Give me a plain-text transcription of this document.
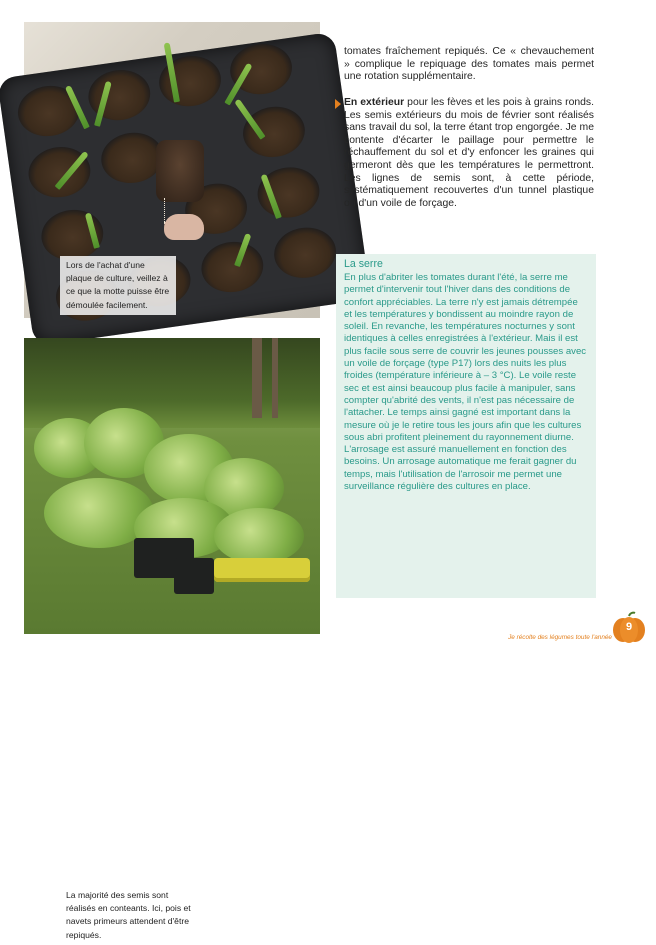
Lors de l'achat d'une plaque de culture, veillez à ce que la motte puisse être démoulée facilement.
La majorité des semis sont réalisés en conteants. Ici, pois et navets primeurs attendent d'être repiqués.
tomates fraîchement repiqués. Ce « chevauchement » complique le repiquage des tomates mais permet une rotation supplémentaire.
En extérieur pour les fèves et les pois à grains ronds. Les semis extérieurs du mois de février sont réalisés sans travail du sol, la terre étant trop engorgée. Je me contente d'écarter le paillage pour permettre le réchauffement du sol et d'y enfoncer les graines qui germeront dès que les températures le permettront. Les lignes de semis sont, à cette période, systématiquement recouvertes d'un tunnel plastique ou d'un voile de forçage.

La serre

En plus d'abriter les tomates durant l'été, la serre me permet d'intervenir tout l'hiver dans des conditions de confort appréciables. La terre n'y est jamais détrempée et les températures y bondissent au moindre rayon de soleil. En revanche, les températures nocturnes y sont identiques à celles enregistrées à l'extérieur. Mais il est plus facile sous serre de couvrir les jeunes pousses avec un voile de forçage (type P17) lors des nuits les plus froides (température inférieure à – 3 °C). Le voile reste sec et est ainsi beaucoup plus facile à manipuler, sans compter qu'abrité des vents, il n'est pas nécessaire de l'attacher. Le temps ainsi gagné est important dans la mesure où je le retire tous les jours afin que les cultures sous abri profitent pleinement du rayonnement diurne. L'arrosage est assuré manuellement en fonction des besoins. Un arrosage automatique me ferait gagner du temps, mais l'utilisation de l'arrosoir me permet une surveillance régulière des cultures en place.

Je récolte des légumes toute l'année
9
